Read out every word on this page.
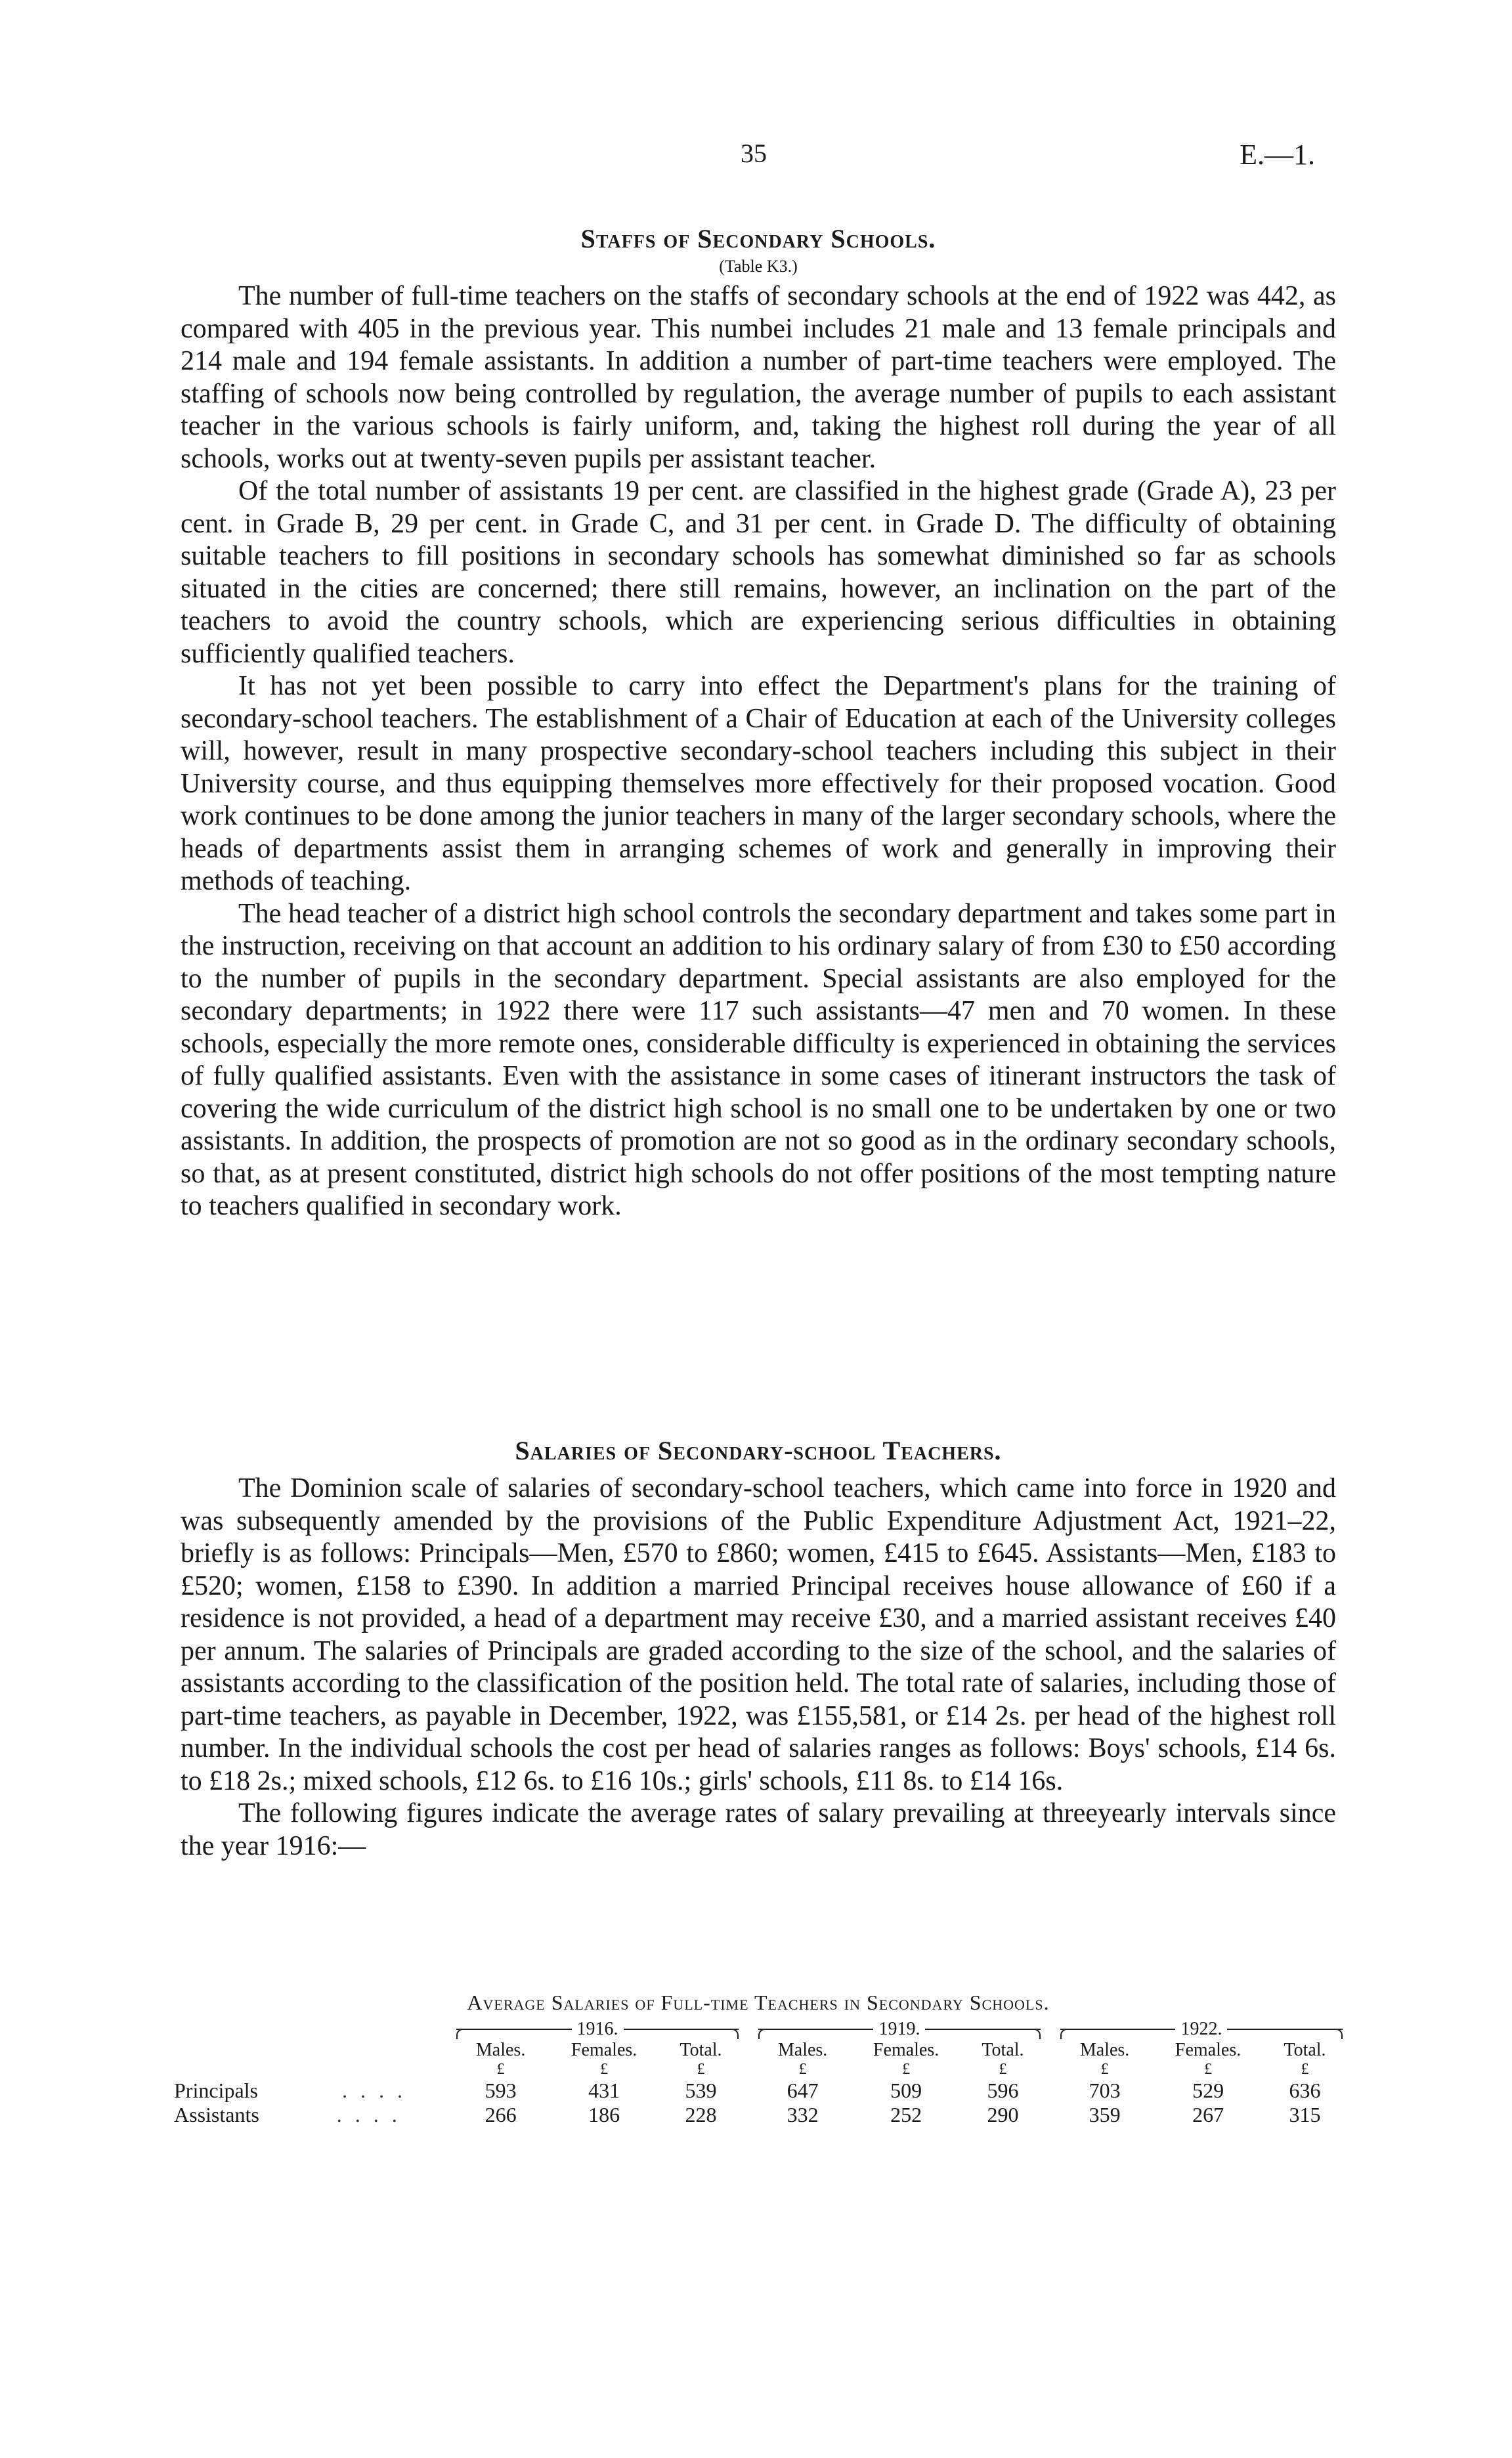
35	E.—1.
Staffs of Secondary Schools.
(Table K3.)

The number of full-time teachers on the staffs of secondary schools at the end of 1922 was 442, as compared with 405 in the previous year. This numbei includes 21 male and 13 female principals and 214 male and 194 female assistants. In addition a number of part-time teachers were employed. The staffing of schools now being controlled by regulation, the average number of pupils to each assistant teacher in the various schools is fairly uniform, and, taking the highest roll during the year of all schools, works out at twenty-seven pupils per assistant teacher.

Of the total number of assistants 19 per cent. are classified in the highest grade (Grade A), 23 per cent. in Grade B, 29 per cent. in Grade C, and 31 per cent. in Grade D. The difficulty of obtaining suitable teachers to fill positions in secondary schools has somewhat diminished so far as schools situated in the cities are concerned; there still remains, however, an inclination on the part of the teachers to avoid the country schools, which are experiencing serious difficulties in obtaining sufficiently qualified teachers.

It has not yet been possible to carry into effect the Department's plans for the training of secondary-school teachers. The establishment of a Chair of Education at each of the University colleges will, however, result in many prospective secondary-school teachers including this subject in their University course, and thus equipping themselves more effectively for their proposed vocation. Good work continues to be done among the junior teachers in many of the larger secondary schools, where the heads of departments assist them in arranging schemes of work and generally in improving their methods of teaching.

The head teacher of a district high school controls the secondary department and takes some part in the instruction, receiving on that account an addition to his ordinary salary of from £30 to £50 according to the number of pupils in the secondary department. Special assistants are also employed for the secondary departments; in 1922 there were 117 such assistants—47 men and 70 women. In these schools, especially the more remote ones, considerable difficulty is experienced in obtaining the services of fully qualified assistants. Even with the assistance in some cases of itinerant instructors the task of covering the wide curriculum of the district high school is no small one to be undertaken by one or two assistants. In addition, the prospects of promotion are not so good as in the ordinary secondary schools, so that, as at present constituted, district high schools do not offer positions of the most tempting nature to teachers qualified in secondary work.

Salaries of Secondary-school Teachers.

The Dominion scale of salaries of secondary-school teachers, which came into force in 1920 and was subsequently amended by the provisions of the Public Expenditure Adjustment Act, 1921–22, briefly is as follows: Principals—Men, £570 to £860; women, £415 to £645. Assistants—Men, £183 to £520; women, £158 to £390. In addition a married Principal receives house allowance of £60 if a residence is not provided, a head of a department may receive £30, and a married assistant receives £40 per annum. The salaries of Principals are graded according to the size of the school, and the salaries of assistants according to the classification of the position held. The total rate of salaries, including those of part-time teachers, as payable in December, 1922, was £155,581, or £14 2s. per head of the highest roll number. In the individual schools the cost per head of salaries ranges as follows: Boys' schools, £14 6s. to £18 2s.; mixed schools, £12 6s. to £16 10s.; girls' schools, £11 8s. to £14 16s.

The following figures indicate the average rates of salary prevailing at threeyearly intervals since the year 1916:—

Average Salaries of Full-time Teachers in Secondary Schools.

	1916.				1919.				1922.		

	Males.	Females.	Total.		Males.	Females.	Total.		Males.	Females.	Total.
	£	£	£		£	£	£		£	£	£
Principals . . . .	593	431	539		647	509	596		703	529	636
Assistants . . . .	266	186	228		332	252	290		359	267	315
